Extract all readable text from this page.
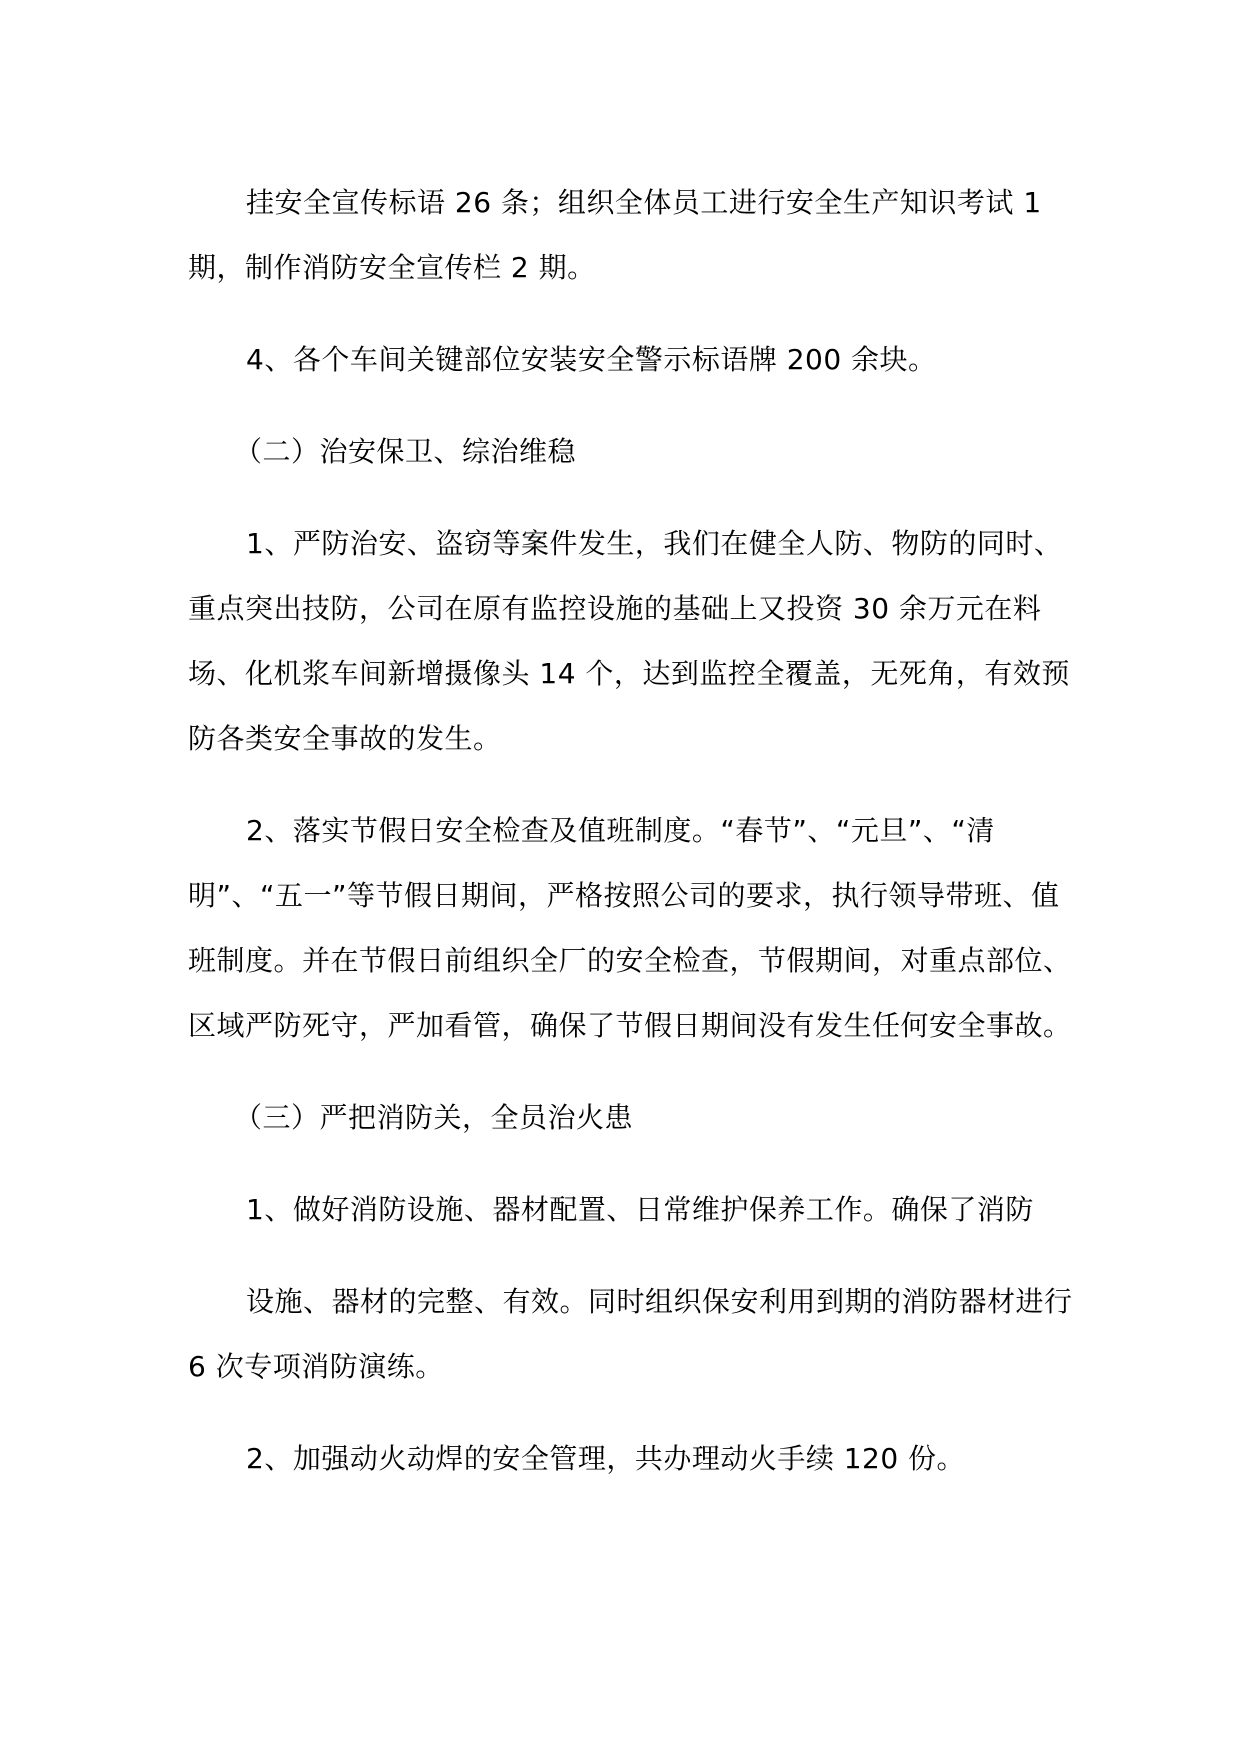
挂安全宣传标语 26 条；组织全体员工进行安全生产知识考试 1 期，制作消防安全宣传栏 2 期。

4、各个车间关键部位安装安全警示标语牌 200 余块。

（二）治安保卫、综治维稳

1、严防治安、盗窃等案件发生，我们在健全人防、物防的同时、重点突出技防，公司在原有监控设施的基础上又投资 30 余万元在料场、化机浆车间新增摄像头 14 个，达到监控全覆盖，无死角，有效预防各类安全事故的发生。

2、落实节假日安全检查及值班制度。“春节”、“元旦”、“清明”、“五一”等节假日期间，严格按照公司的要求，执行领导带班、值班制度。并在节假日前组织全厂的安全检查，节假期间，对重点部位、区域严防死守，严加看管，确保了节假日期间没有发生任何安全事故。

（三）严把消防关，全员治火患

1、做好消防设施、器材配置、日常维护保养工作。确保了消防

设施、器材的完整、有效。同时组织保安利用到期的消防器材进行 6 次专项消防演练。

2、加强动火动焊的安全管理，共办理动火手续 120 份。
